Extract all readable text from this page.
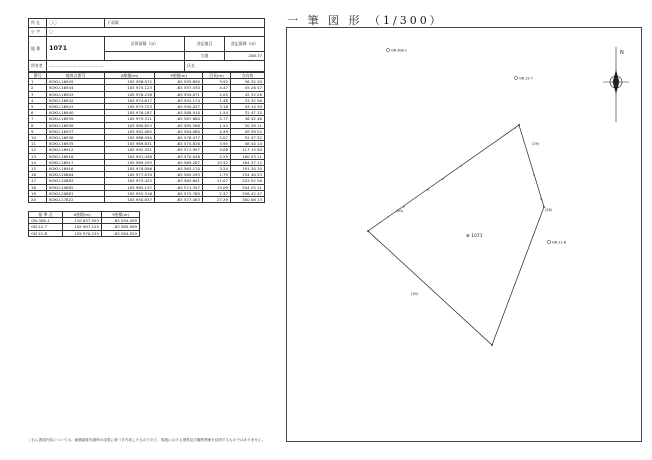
所 在	〇〇	下須賀		
小 字	〇			
地 番	1071	計算面積（㎡）	登記地目	登記面積（㎡）
			宅地	208.77
所有者	……………………………………		氏名	
番号	境界点番号	X座標(m)	Y座標(m)	辺長(m)	方向角
1	KOKU-16945	105 956.972	-65 595.895	3.92	56 32 20
2	KOKU-16944	105 975.123	-65 597.530	4.47	45 26 47
3	KOKU-16943	105 976.238	-65 594.071	2.05	42 32 28
4	KOKU-16942	105 974.617	-65 592.174	1.48	33 32 56
5	KOKU-16941	105 973.723	-65 590.037	3.18	43 14 30
6	KOKU-16940	105 976.187	-65 588.910	1.54	32 47 12
7	KOKU-16939	105 979.311	-65 587.880	5.77	36 42 46
8	KOKU-16938	105 980.823	-65 585.566	1.54	50 39 11
9	KOKU-16937	105 982.085	-65 584.080	4.49	49 39 52
10	KOKU-16936	105 988.590	-65 576.477	2.07	52 47 52
11	KOKU-16935	105 989.831	-65 575.826	3.95	48 44 14
12	KOKU-16912	105 992.351	-65 571.957	3.06	117 15 00
13	KOKU-16918	105 991.448	-65 570.046	2.29	160 33 11
14	KOKU-16917	105 989.293	-65 569.287	15.52	164 37 12
15	KOKU-16916	105 978.096	-65 565.170	3.24	191 30 10
16	KOKU-20884	105 977.070	-65 565.293	1.79	154 40 53
17	KOKU-20883	105 975.425	-65 565.641	11.07	203 52 26
18	KOKU-20882	105 965.157	-65 571.357	15.09	204 25 11
19	KOKU-20881	105 955.316	-65 575.760	2.37	258 42 47
20	KOKU-17822	105 950.837	-65 577.463	27.39	300 06 13
基 準 点	X座標(m)	Y座標(m)
GN-308-1	110 057.593	-65 594.459
GN 22-7	105 997.155	-65 565.909
GN 21-8	105 970.225	-65 564.920
これら図面内容については、地籍調査実施時の成果に基づき作成したものであり、現地における境界及び権利関係を証明するものではありません。
一 筆 図 形 （1/300）
N
GN 308-1
GN 22-7
GN 21-8
⊕ 1071
(30)
(30)
(29)
(28)
